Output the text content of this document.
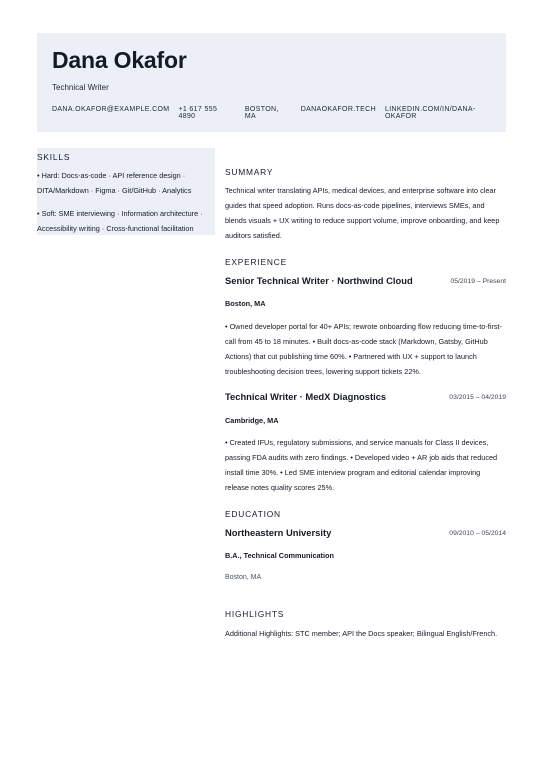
Dana Okafor
Technical Writer
DANA.OKAFOR@EXAMPLE.COM +1 617 555 4890
BOSTON, MA
DANAOKAFOR.TECH LINKEDIN.COM/IN/DANA-OKAFOR
SKILLS
• Hard: Docs-as-code · API reference design · DITA/Markdown · Figma · Git/GitHub · Analytics
• Soft: SME interviewing · Information architecture · Accessibility writing · Cross-functional facilitation
SUMMARY
Technical writer translating APIs, medical devices, and enterprise software into clear guides that speed adoption. Runs docs-as-code pipelines, interviews SMEs, and blends visuals + UX writing to reduce support volume, improve onboarding, and keep auditors satisfied.
EXPERIENCE
Senior Technical Writer · Northwind Cloud	05/2019 – Present
Boston, MA
• Owned developer portal for 40+ APIs; rewrote onboarding flow reducing time-to-first-call from 45 to 18 minutes. • Built docs-as-code stack (Markdown, Gatsby, GitHub Actions) that cut publishing time 60%. • Partnered with UX + support to launch troubleshooting decision trees, lowering support tickets 22%.
Technical Writer · MedX Diagnostics	03/2015 – 04/2019
Cambridge, MA
• Created IFUs, regulatory submissions, and service manuals for Class II devices, passing FDA audits with zero findings. • Developed video + AR job aids that reduced install time 30%. • Led SME interview program and editorial calendar improving release notes quality scores 25%.
EDUCATION
Northeastern University	09/2010 – 05/2014
B.A., Technical Communication
Boston, MA
HIGHLIGHTS
Additional Highlights: STC member; API the Docs speaker; Bilingual English/French.
